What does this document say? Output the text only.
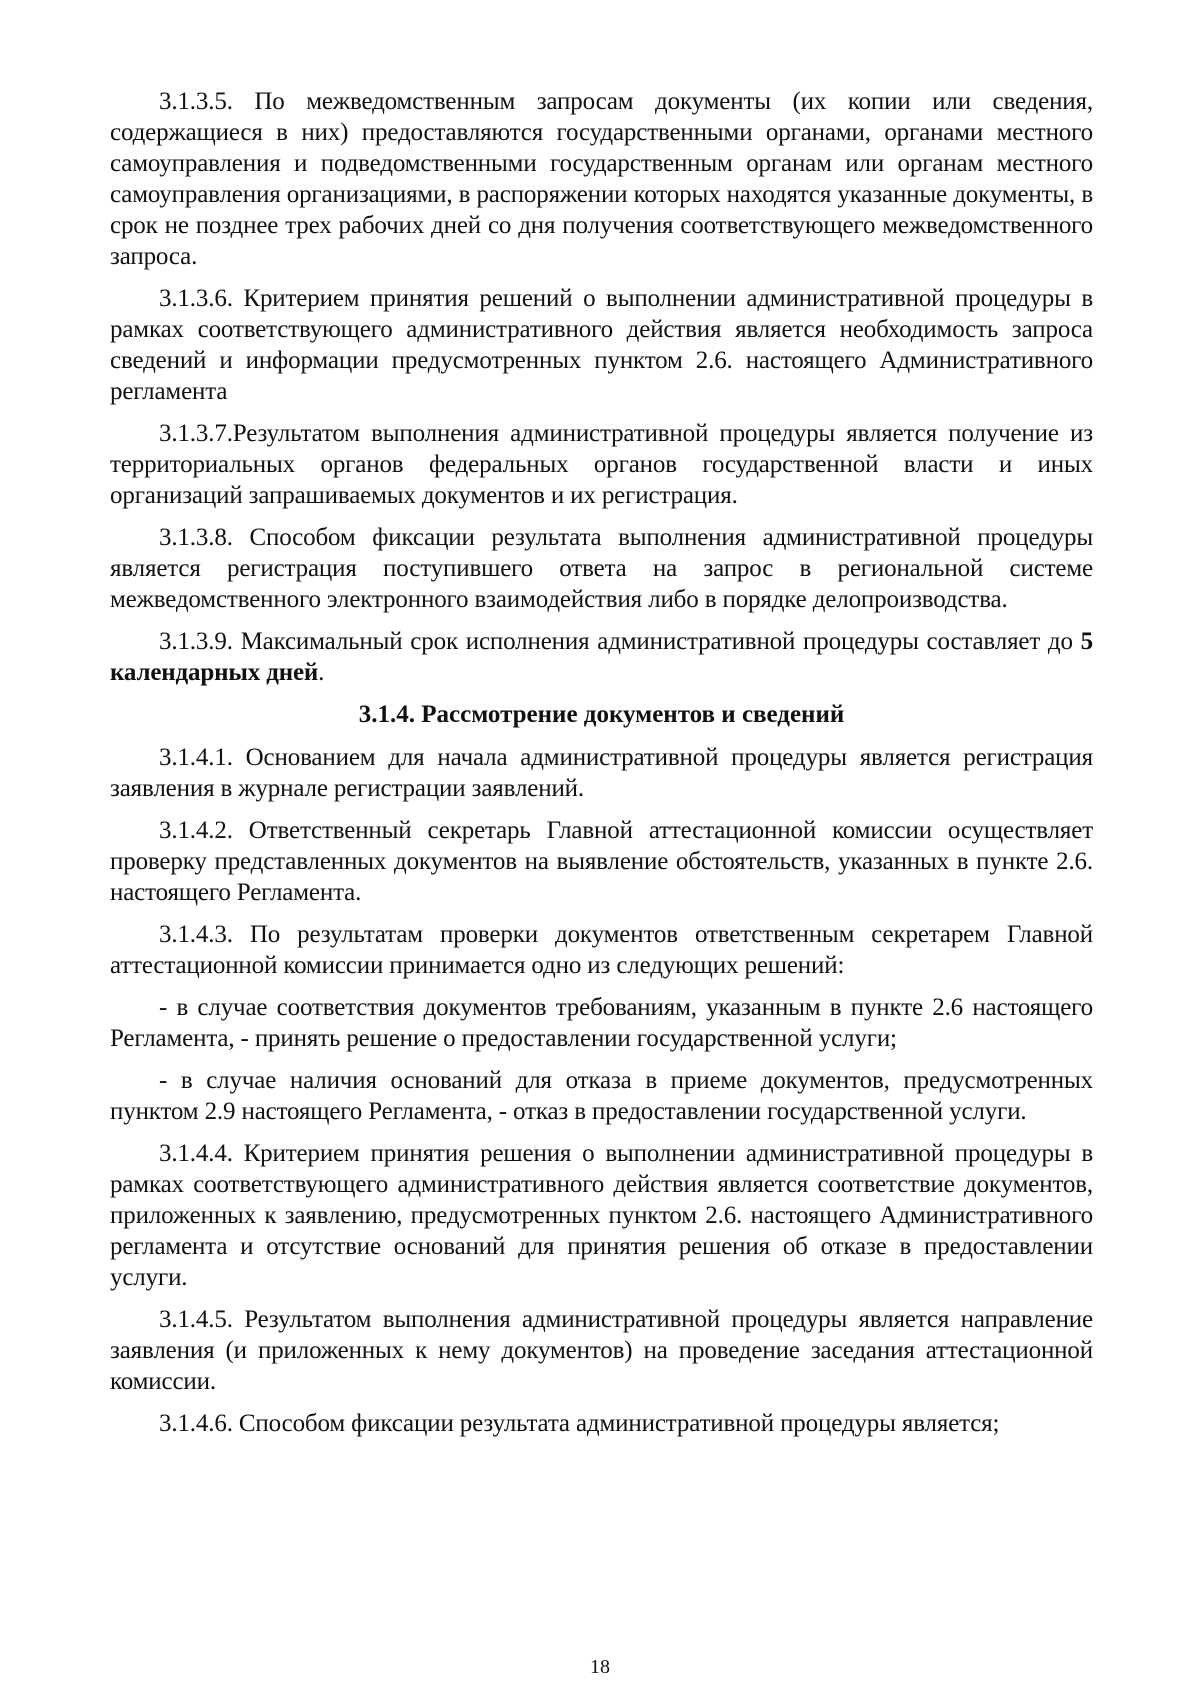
3.1.3.5. По межведомственным запросам документы (их копии или сведения, содержащиеся в них) предоставляются государственными органами, органами местного самоуправления и подведомственными государственным органам или органам местного самоуправления организациями, в распоряжении которых находятся указанные документы, в срок не позднее трех рабочих дней со дня получения соответствующего межведомственного запроса.

3.1.3.6. Критерием принятия решений о выполнении административной процедуры в рамках соответствующего административного действия является необходимость запроса сведений и информации предусмотренных пунктом 2.6. настоящего Административного регламента

3.1.3.7.Результатом выполнения административной процедуры является получение из территориальных органов федеральных органов государственной власти и иных организаций запрашиваемых документов и их регистрация.

3.1.3.8. Способом фиксации результата выполнения административной процедуры является регистрация поступившего ответа на запрос в региональной системе межведомственного электронного взаимодействия либо в порядке делопроизводства.

3.1.3.9. Максимальный срок исполнения административной процедуры составляет до 5 календарных дней.

3.1.4. Рассмотрение документов и сведений

3.1.4.1. Основанием для начала административной процедуры является регистрация заявления в журнале регистрации заявлений.

3.1.4.2. Ответственный секретарь Главной аттестационной комиссии осуществляет проверку представленных документов на выявление обстоятельств, указанных в пункте 2.6. настоящего Регламента.

3.1.4.3. По результатам проверки документов ответственным секретарем Главной аттестационной комиссии принимается одно из следующих решений:

- в случае соответствия документов требованиям, указанным в пункте 2.6 настоящего Регламента, - принять решение о предоставлении государственной услуги;

- в случае наличия оснований для отказа в приеме документов, предусмотренных пунктом 2.9 настоящего Регламента, - отказ в предоставлении государственной услуги.

3.1.4.4. Критерием принятия решения о выполнении административной процедуры в рамках соответствующего административного действия является соответствие документов, приложенных к заявлению, предусмотренных пунктом 2.6. настоящего Административного регламента и отсутствие оснований для принятия решения об отказе в предоставлении услуги.

3.1.4.5. Результатом выполнения административной процедуры является направление заявления (и приложенных к нему документов) на проведение заседания аттестационной комиссии.

3.1.4.6. Способом фиксации результата административной процедуры является;

18
